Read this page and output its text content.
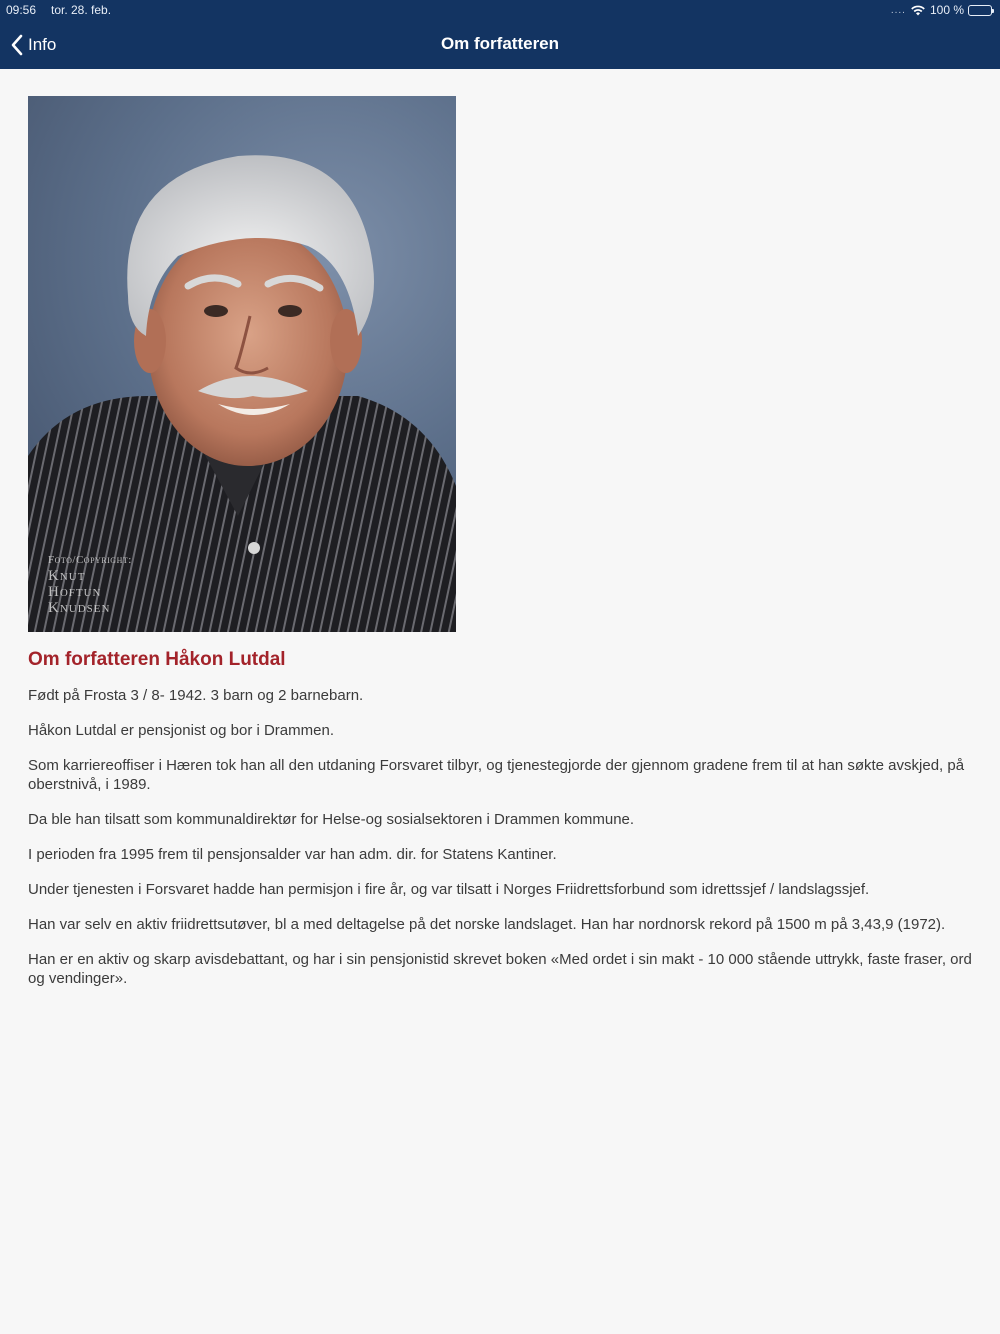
09:56 tor. 28. feb.	.... 100 %
Info	Om forfatteren
Foto/Copyright:
Knut
Hoftun
Knudsen
Om forfatteren Håkon Lutdal

Født på Frosta 3 / 8- 1942. 3 barn og 2 barnebarn.

Håkon Lutdal er pensjonist og bor i Drammen.

Som karriereoffiser i Hæren tok han all den utdaning Forsvaret tilbyr, og tjenestegjorde der gjennom gradene frem til at han søkte avskjed, på oberstnivå, i 1989.

Da ble han tilsatt som kommunaldirektør for Helse-og sosialsektoren i Drammen kommune.

I perioden fra 1995 frem til pensjonsalder var han adm. dir. for Statens Kantiner.

Under tjenesten i Forsvaret hadde han permisjon i fire år, og var tilsatt i Norges Friidrettsforbund som idrettssjef / landslagssjef.

Han var selv en aktiv friidrettsutøver, bl a med deltagelse på det norske landslaget. Han har nordnorsk rekord på 1500 m på 3,43,9 (1972).

Han er en aktiv og skarp avisdebattant, og har i sin pensjonistid skrevet boken «Med ordet i sin makt - 10 000 stående uttrykk, faste fraser, ord og vendinger».
